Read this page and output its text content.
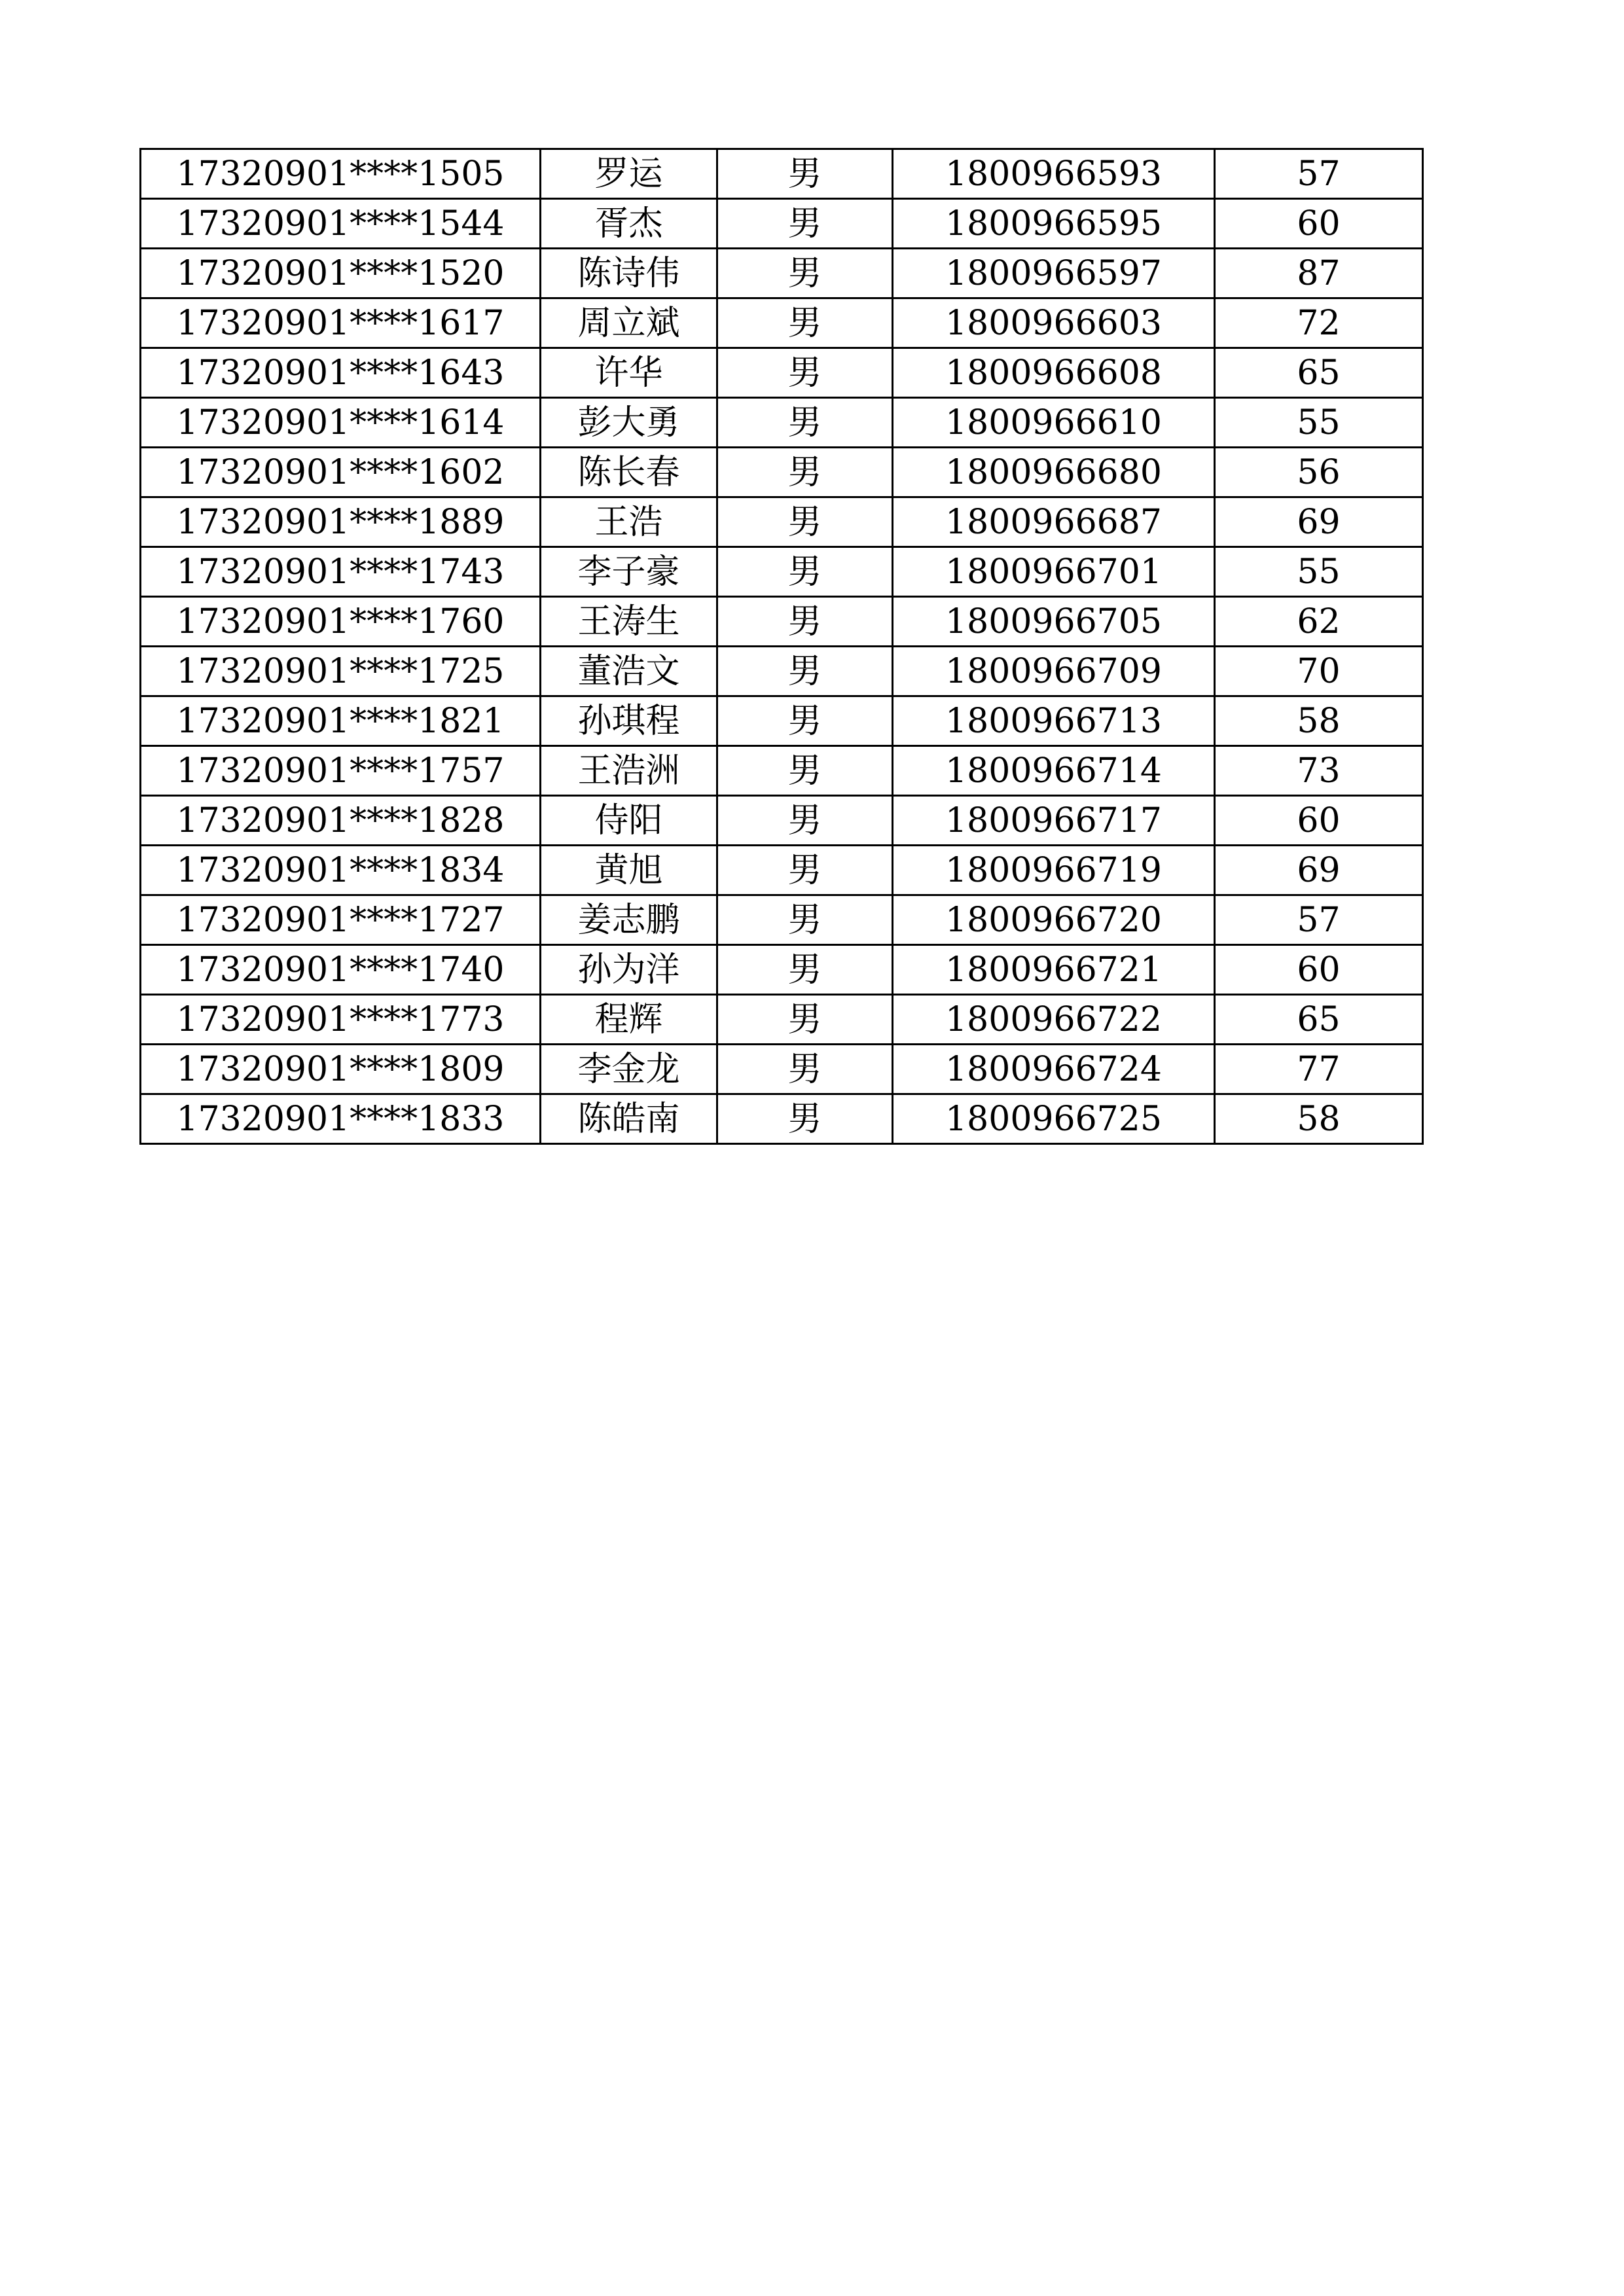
17320901****1505	罗运	男	1800966593	57
17320901****1544	胥杰	男	1800966595	60
17320901****1520	陈诗伟	男	1800966597	87
17320901****1617	周立斌	男	1800966603	72
17320901****1643	许华	男	1800966608	65
17320901****1614	彭大勇	男	1800966610	55
17320901****1602	陈长春	男	1800966680	56
17320901****1889	王浩	男	1800966687	69
17320901****1743	李子豪	男	1800966701	55
17320901****1760	王涛生	男	1800966705	62
17320901****1725	董浩文	男	1800966709	70
17320901****1821	孙琪程	男	1800966713	58
17320901****1757	王浩洲	男	1800966714	73
17320901****1828	侍阳	男	1800966717	60
17320901****1834	黄旭	男	1800966719	69
17320901****1727	姜志鹏	男	1800966720	57
17320901****1740	孙为洋	男	1800966721	60
17320901****1773	程辉	男	1800966722	65
17320901****1809	李金龙	男	1800966724	77
17320901****1833	陈皓南	男	1800966725	58
